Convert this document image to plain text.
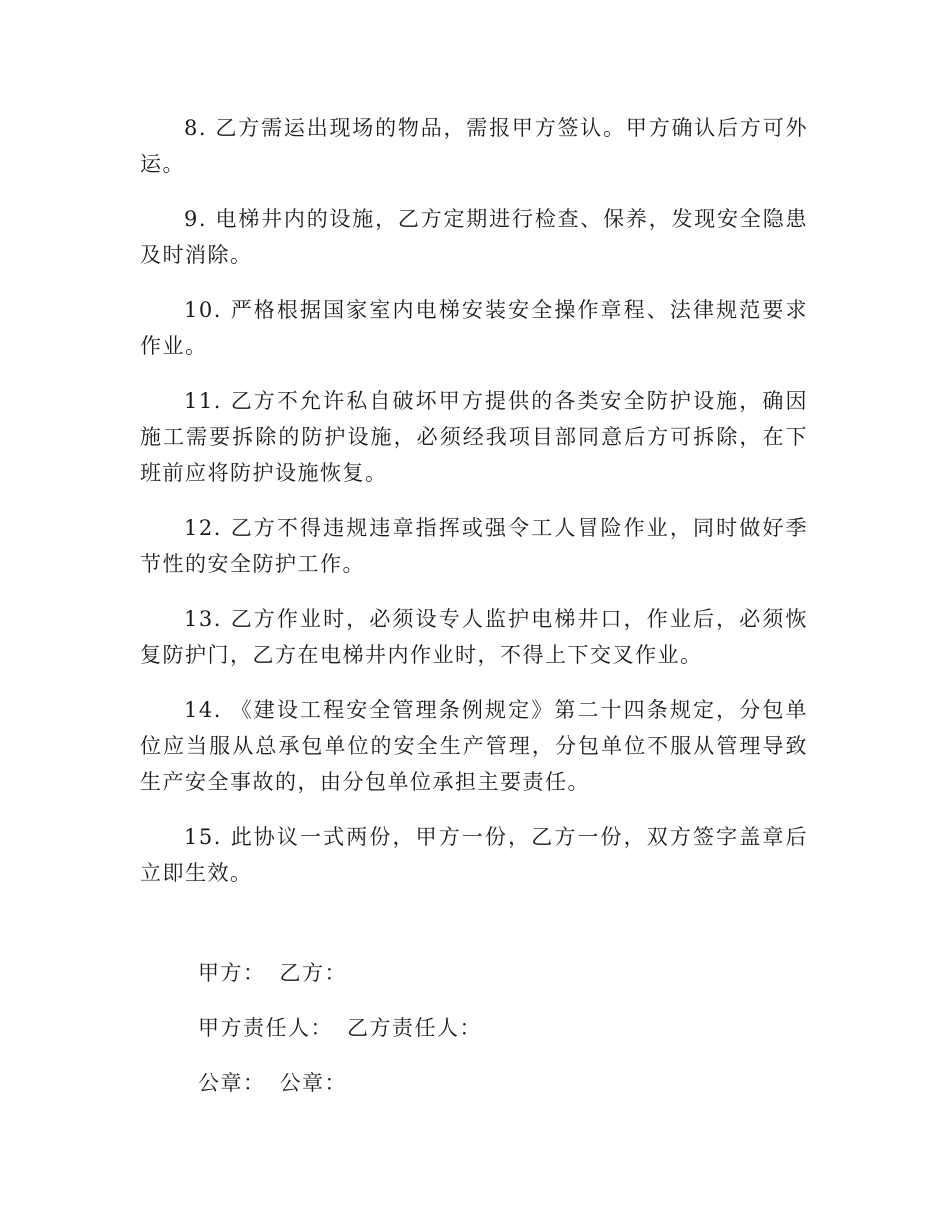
8. 乙方需运出现场的物品，需报甲方签认。甲方确认后方可外运。

9. 电梯井内的设施，乙方定期进行检查、保养，发现安全隐患及时消除。

10. 严格根据国家室内电梯安装安全操作章程、法律规范要求作业。

11. 乙方不允许私自破坏甲方提供的各类安全防护设施，确因施工需要拆除的防护设施，必须经我项目部同意后方可拆除，在下班前应将防护设施恢复。

12. 乙方不得违规违章指挥或强令工人冒险作业，同时做好季节性的安全防护工作。

13. 乙方作业时，必须设专人监护电梯井口，作业后，必须恢复防护门，乙方在电梯井内作业时，不得上下交叉作业。

14. 《建设工程安全管理条例规定》第二十四条规定，分包单位应当服从总承包单位的安全生产管理，分包单位不服从管理导致生产安全事故的，由分包单位承担主要责任。

15. 此协议一式两份，甲方一份，乙方一份，双方签字盖章后立即生效。

甲方： 乙方：
甲方责任人： 乙方责任人：
公章： 公章：
